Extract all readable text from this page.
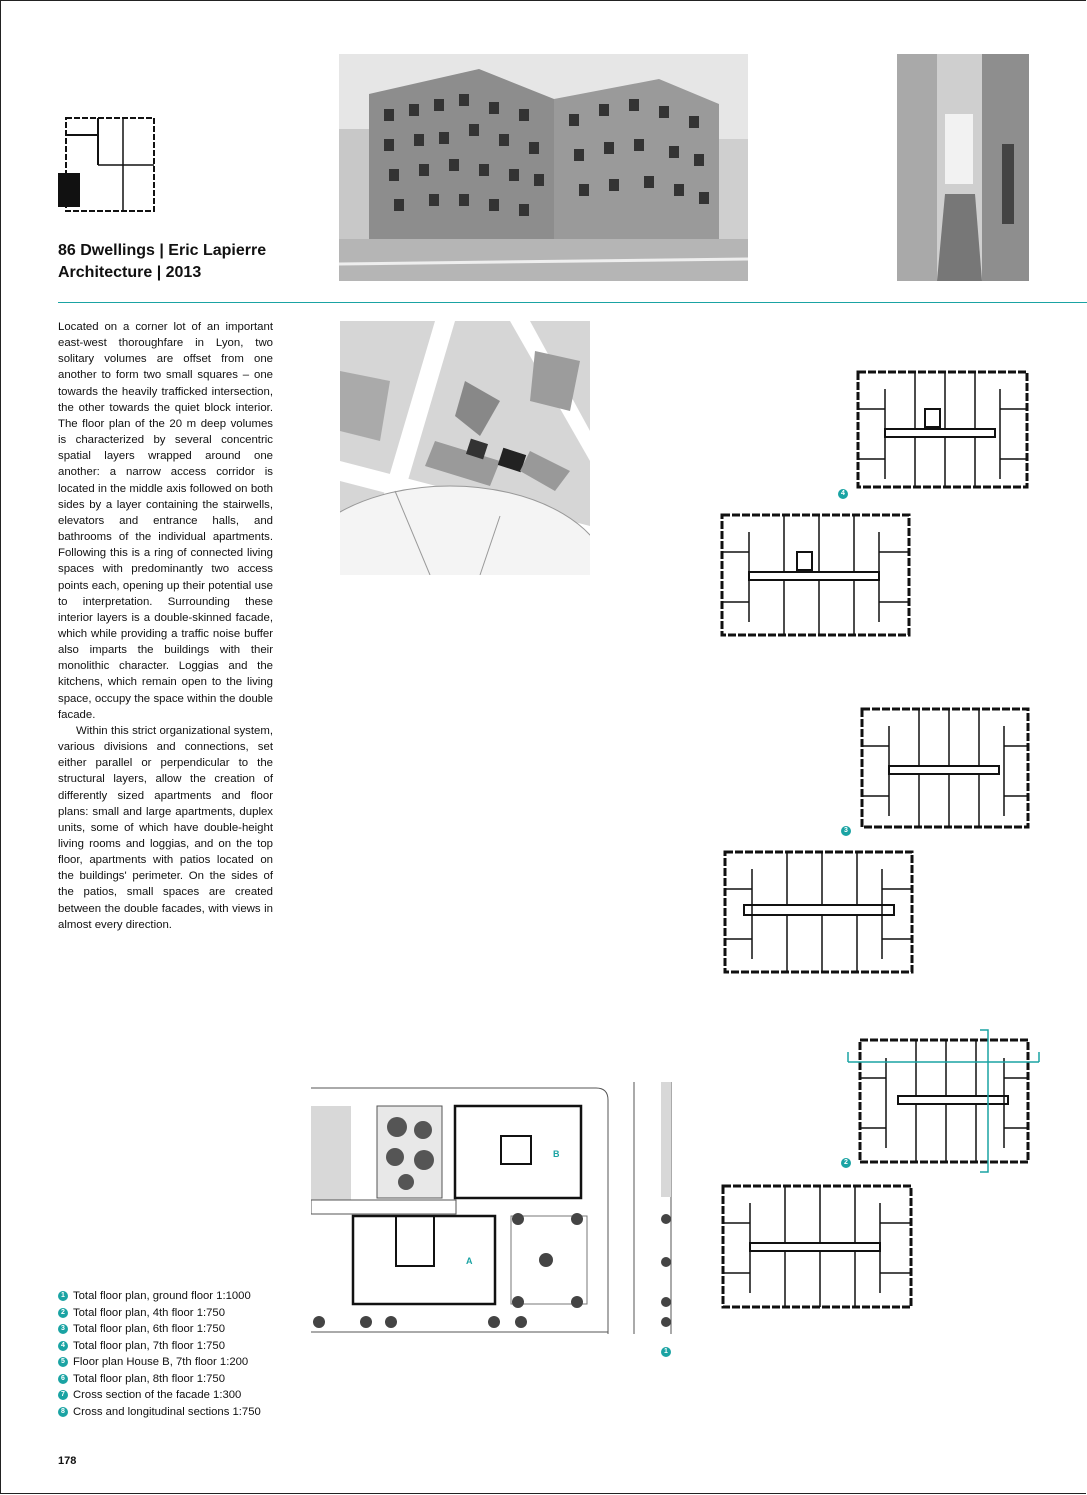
86 Dwellings | Eric Lapierre Architecture | 2013

Located on a corner lot of an important east-west thoroughfare in Lyon, two solitary volumes are offset from one another to form two small squares – one towards the heavily trafficked intersection, the other towards the quiet block interior. The floor plan of the 20 m deep volumes is characterized by several concentric spatial layers wrapped around one another: a narrow access corridor is located in the middle axis followed on both sides by a layer containing the stairwells, elevators and entrance halls, and bathrooms of the individual apartments. Following this is a ring of connected living spaces with predominantly two access points each, opening up their potential use to interpretation. Surrounding these interior layers is a double-skinned facade, which while providing a traffic noise buffer also imparts the buildings with their monolithic character. Loggias and the kitchens, which remain open to the living space, occupy the space within the double facade.

Within this strict organizational system, various divisions and connections, set either parallel or perpendicular to the structural layers, allow the creation of differently sized apartments and floor plans: small and large apartments, duplex units, some of which have double-height living rooms and loggias, and on the top floor, apartments with patios located on the buildings' perimeter. On the sides of the patios, small spaces are created between the double facades, with views in almost every direction.

4
3
2
B
A
1
1 Total floor plan, ground floor 1:1000
2 Total floor plan, 4th floor 1:750
3 Total floor plan, 6th floor 1:750
4 Total floor plan, 7th floor 1:750
5 Floor plan House B, 7th floor 1:200
6 Total floor plan, 8th floor 1:750
7 Cross section of the facade 1:300
8 Cross and longitudinal sections 1:750
178
